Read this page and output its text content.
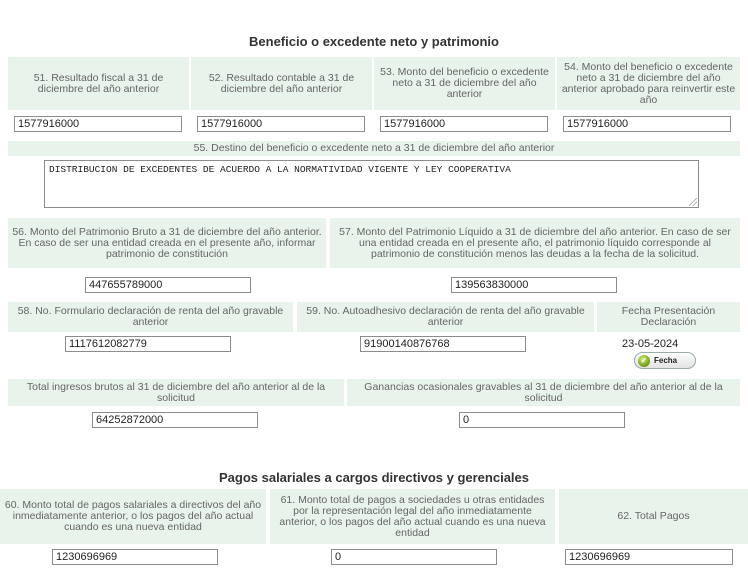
Beneficio o excedente neto y patrimonio
51. Resultado fiscal a 31 de diciembre del año anterior
52. Resultado contable a 31 de diciembre del año anterior
53. Monto del beneficio o excedente neto a 31 de diciembre del año anterior
54. Monto del beneficio o excedente neto a 31 de diciembre del año anterior aprobado para reinvertir este año
1577916000
1577916000
1577916000
1577916000
55. Destino del beneficio o excedente neto a 31 de diciembre del año anterior
DISTRIBUCION DE EXCEDENTES DE ACUERDO A LA NORMATIVIDAD VIGENTE Y LEY COOPERATIVA
56. Monto del Patrimonio Bruto a 31 de diciembre del año anterior. En caso de ser una entidad creada en el presente año, informar patrimonio de constitución
57. Monto del Patrimonio Líquido a 31 de diciembre del año anterior. En caso de ser una entidad creada en el presente año, el patrimonio líquido corresponde al patrimonio de constitución menos las deudas a la fecha de la solicitud.
447655789000
139563830000
58. No. Formulario declaración de renta del año gravable anterior
59. No. Autoadhesivo declaración de renta del año gravable anterior
Fecha Presentación Declaración
1117612082779
91900140876768
23-05-2024
✓ Fecha
Total ingresos brutos al 31 de diciembre del año anterior al de la solicitud
Ganancias ocasionales gravables al 31 de diciembre del año anterior al de la solicitud
64252872000
0
Pagos salariales a cargos directivos y gerenciales
60. Monto total de pagos salariales a directivos del año inmediatamente anterior, o los pagos del año actual cuando es una nueva entidad
61. Monto total de pagos a sociedades u otras entidades por la representación legal del año inmediatamente anterior, o los pagos del año actual cuando es una nueva entidad
62. Total Pagos
1230696969
0
1230696969
